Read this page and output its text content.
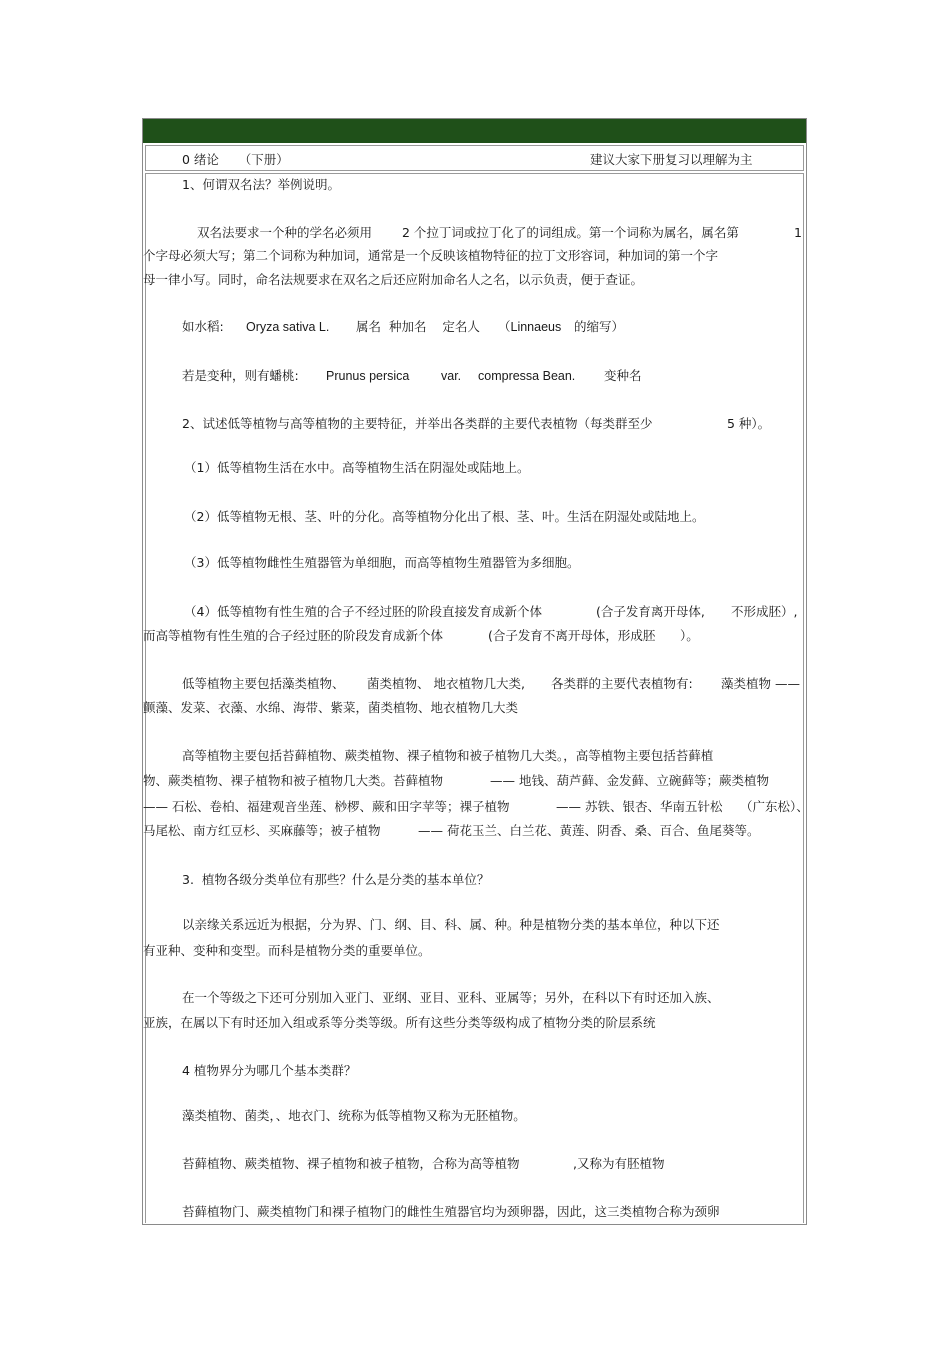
0 绪论     （下册）	建议大家下册复习以理解为主
1、何谓双名法？举例说明。
双名法要求一个种的学名必须用 2 个拉丁词或拉丁化了的词组成。第一个词称为属名，属名第	1
个字母必须大写；第二个词称为种加词，通常是一个反映该植物特征的拉丁文形容词，种加词的第一个字
母一律小写。同时，命名法规要求在双名之后还应附加命名人之名，以示负责，便于查证。
如水稻: Oryza sativa L. 属名  种加名    定名人 （Linnaeus 的缩写）
若是变种，则有蟠桃: Prunus persica	var. compressa Bean. 变种名
2、试述低等植物与高等植物的主要特征，并举出各类群的主要代表植物（每类群至少	5 种）。
（1）低等植物生活在水中。高等植物生活在阴湿处或陆地上。
（2）低等植物无根、茎、叶的分化。高等植物分化出了根、茎、叶。生活在阴湿处或陆地上。
（3）低等植物雌性生殖器管为单细胞，而高等植物生殖器管为多细胞。
（4）低等植物有性生殖的合子不经过胚的阶段直接发育成新个体	(合子发育离开母体, 不形成胚）,
而高等植物有性生殖的合子经过胚的阶段发育成新个体	(合子发育不离开母体，形成胚 ）。
低等植物主要包括藻类植物、 菌类植物、 地衣植物几大类, 各类群的主要代表植物有: 藻类植物 ——
颤藻、发菜、衣藻、水绵、海带、紫菜，菌类植物、地衣植物几大类
高等植物主要包括苔藓植物、蕨类植物、裸子植物和被子植物几大类。，高等植物主要包括苔藓植
物、蕨类植物、裸子植物和被子植物几大类。苔藓植物	—— 地钱、葫芦藓、金发藓、立碗藓等；蕨类植物
—— 石松、卷柏、福建观音坐莲、桫椤、蕨和田字苹等；裸子植物	—— 苏铁、银杏、华南五针松 （广东松）、
马尾松、南方红豆杉、买麻藤等；被子植物	—— 荷花玉兰、白兰花、黄莲、阴香、桑、百合、鱼尾葵等。
3.  植物各级分类单位有那些？什么是分类的基本单位？
以亲缘关系远近为根据，分为界、门、纲、目、科、属、种。种是植物分类的基本单位，种以下还
有亚种、变种和变型。而科是植物分类的重要单位。
在一个等级之下还可分别加入亚门、亚纲、亚目、亚科、亚属等；另外，在科以下有时还加入族、
亚族，在属以下有时还加入组或系等分类等级。所有这些分类等级构成了植物分类的阶层系统
4 植物界分为哪几个基本类群？
藻类植物、菌类，、地衣门、统称为低等植物又称为无胚植物。
苔藓植物、蕨类植物、裸子植物和被子植物，合称为高等植物	,又称为有胚植物
苔藓植物门、蕨类植物门和裸子植物门的雌性生殖器官均为颈卵器，因此，这三类植物合称为颈卵
